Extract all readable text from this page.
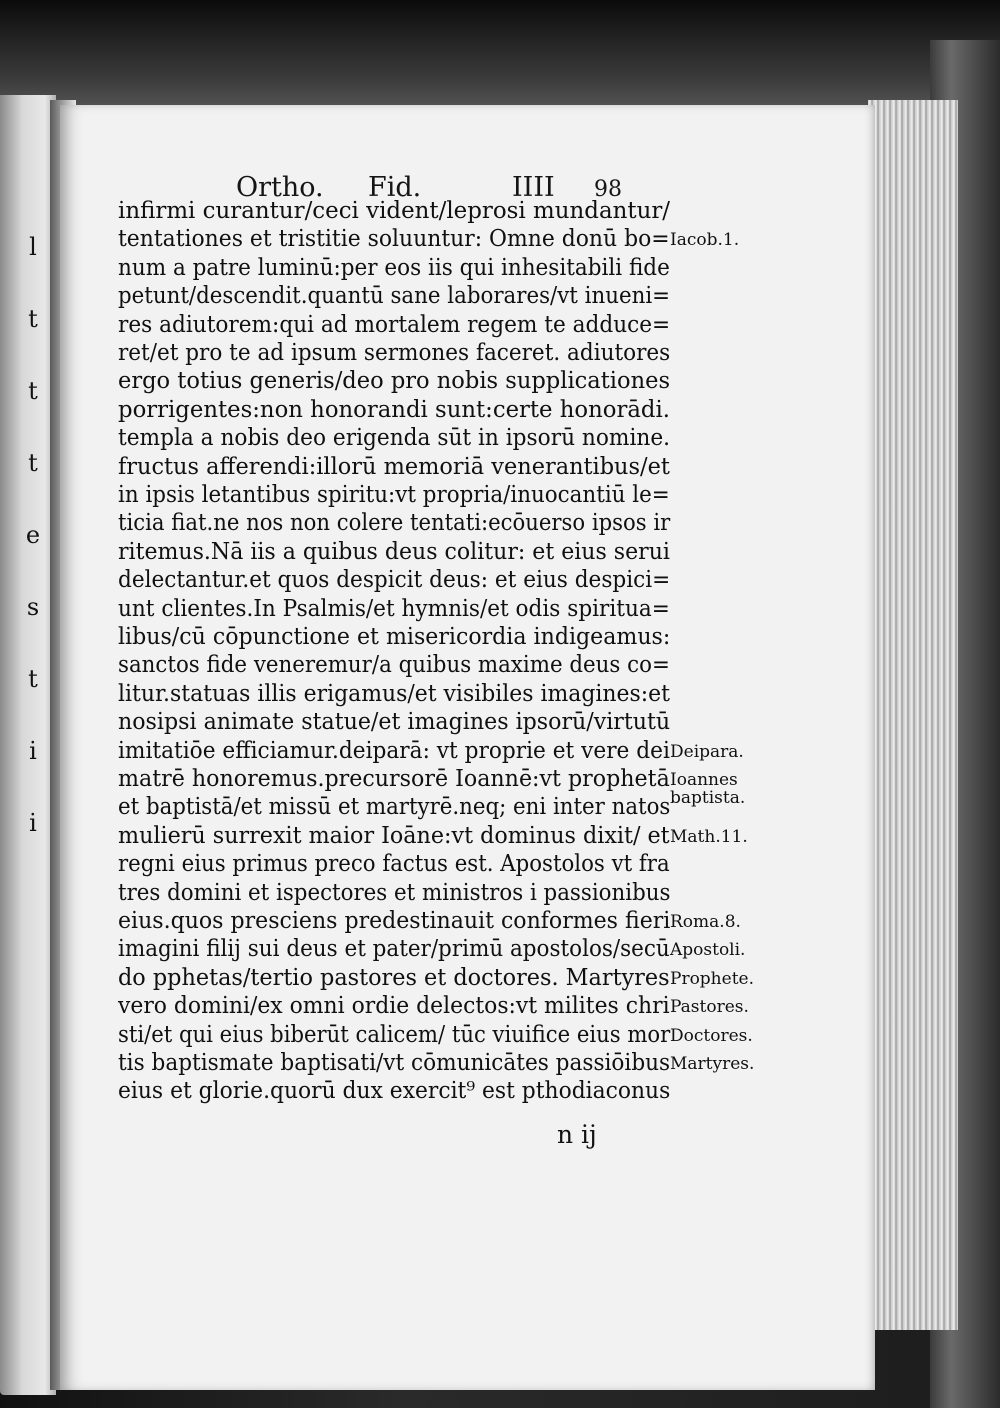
l
t
t
t
e
s
t
i
i
Ortho. Fid.	IIII 98
infirmi curantur/ceci vident/leprosi mundantur/
tentationes et tristitie soluuntur: Omne donū bo=
num a patre luminū:per eos iis qui inhesitabili fide
petunt/descendit.quantū sane laborares/vt inueni=
res adiutorem:qui ad mortalem regem te adduce=
ret/et pro te ad ipsum sermones faceret. adiutores
ergo totius generis/deo pro nobis supplicationes
porrigentes:non honorandi sunt:certe honorādi.
templa a nobis deo erigenda sūt in ipsorū nomine.
fructus afferendi:illorū memoriā venerantibus/et
in ipsis letantibus spiritu:vt propria/inuocantiū le=
ticia fiat.ne nos non colere tentati:ecōuerso ipsos ir
ritemus.Nā iis a quibus deus colitur: et eius serui
delectantur.et quos despicit deus: et eius despici=
unt clientes.In Psalmis/et hymnis/et odis spiritua=
libus/cū cōpunctione et misericordia indigeamus:
sanctos fide veneremur/a quibus maxime deus co=
litur.statuas illis erigamus/et visibiles imagines:et
nosipsi animate statue/et imagines ipsorū/virtutū
imitatiōe efficiamur.deiparā: vt proprie et vere dei
matrē honoremus.precursorē Ioannē:vt prophetā
et baptistā/et missū et martyrē.neq; eni inter natos
mulierū surrexit maior Ioāne:vt dominus dixit/ et
regni eius primus preco factus est. Apostolos vt fra
tres domini et ispectores et ministros i passionibus
eius.quos presciens predestinauit conformes fieri
imagini filij sui deus et pater/primū apostolos/secū
do pphetas/tertio pastores et doctores. Martyres
vero domini/ex omni ordie delectos:vt milites chri
sti/et qui eius biberūt calicem/ tūc viuifice eius mor
tis baptismate baptisati/vt cōmunicātes passiōibus
eius et glorie.quorū dux exercit⁹ est pthodiaconus
Iacob.1.
Deipara.
Ioannes
baptista.
Math.11.
Roma.8.
Apostoli.
Prophete.
Pastores.
Doctores.
Martyres.
n ij
